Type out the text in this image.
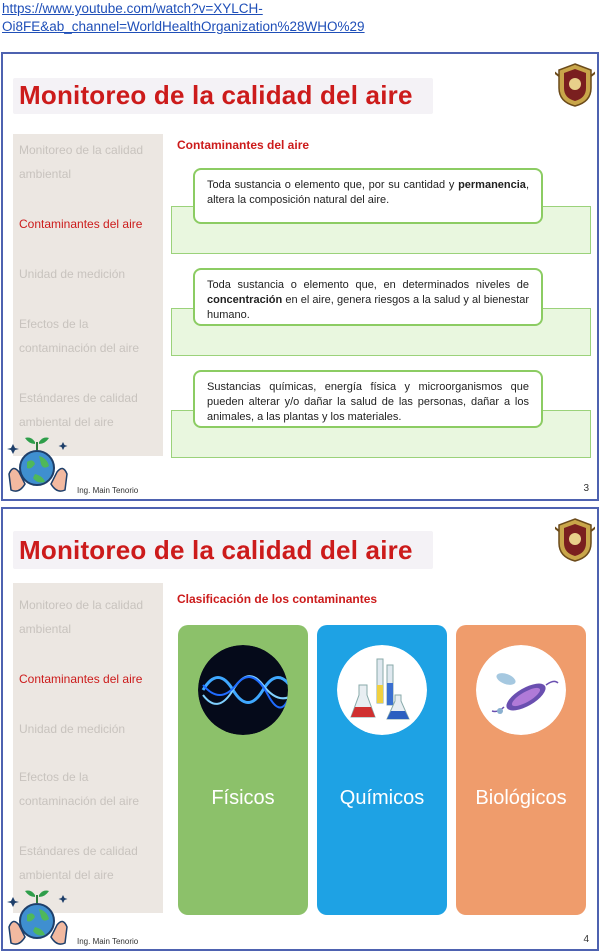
https://www.youtube.com/watch?v=XYLCH-
Oi8FE&ab_channel=WorldHealthOrganization%28WHO%29
Monitoreo de la calidad del aire
Monitoreo de la calidad
ambiental
Contaminantes del aire
Unidad de medición
Efectos de la
contaminación del aire
Estándares de calidad
ambiental del aire
Contaminantes del aire
Toda sustancia o elemento que, por su cantidad y permanencia, altera la composición natural del aire.
Toda sustancia o elemento que, en determinados niveles de concentración en el aire, genera riesgos a la salud y al bienestar humano.
Sustancias químicas, energía física y microorganismos que pueden alterar y/o dañar la salud de las personas, dañar a los animales, a las plantas y los materiales.
Ing. Main Tenorio	3
Monitoreo de la calidad del aire
Monitoreo de la calidad
ambiental
Contaminantes del aire
Unidad de medición
Efectos de la
contaminación del aire
Estándares de calidad
ambiental del aire
Clasificación de los contaminantes
Físicos	Químicos	Biológicos
Ing. Main Tenorio	4
